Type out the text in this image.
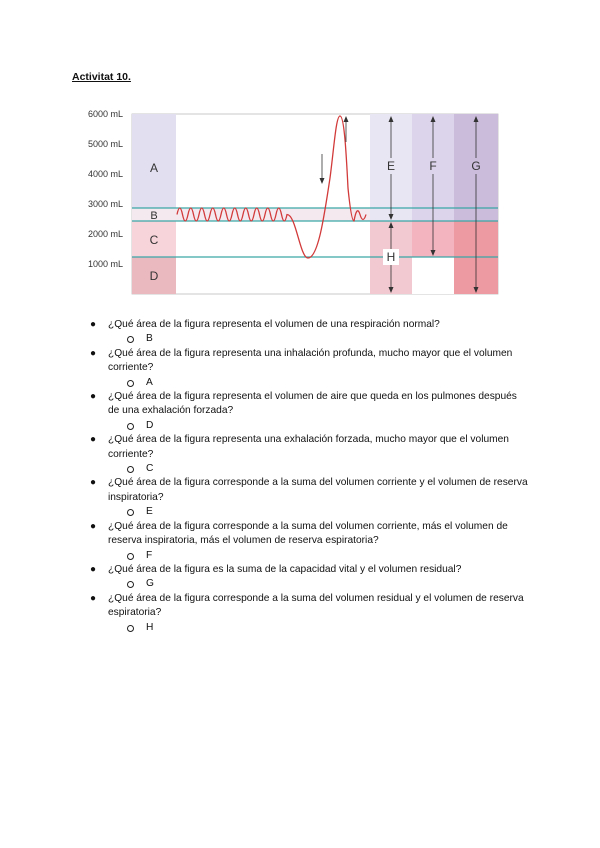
Activitat 10.
6000 mL
5000 mL
4000 mL
3000 mL
2000 mL
1000 mL
A
B
C
D
E	F	G
H
● ¿Qué área de la figura representa el volumen de una respiración normal?
B
● ¿Qué área de la figura representa una inhalación profunda, mucho mayor que el volumen corriente?
A
● ¿Qué área de la figura representa el volumen de aire que queda en los pulmones después de una exhalación forzada?
D
● ¿Qué área de la figura representa una exhalación forzada, mucho mayor que el volumen corriente?
C
● ¿Qué área de la figura corresponde a la suma del volumen corriente y el volumen de reserva inspiratoria?
E
● ¿Qué área de la figura corresponde a la suma del volumen corriente, más el volumen de reserva inspiratoria, más el volumen de reserva espiratoria?
F
● ¿Qué área de la figura es la suma de la capacidad vital y el volumen residual?
G
● ¿Qué área de la figura corresponde a la suma del volumen residual y el volumen de reserva espiratoria?
H
